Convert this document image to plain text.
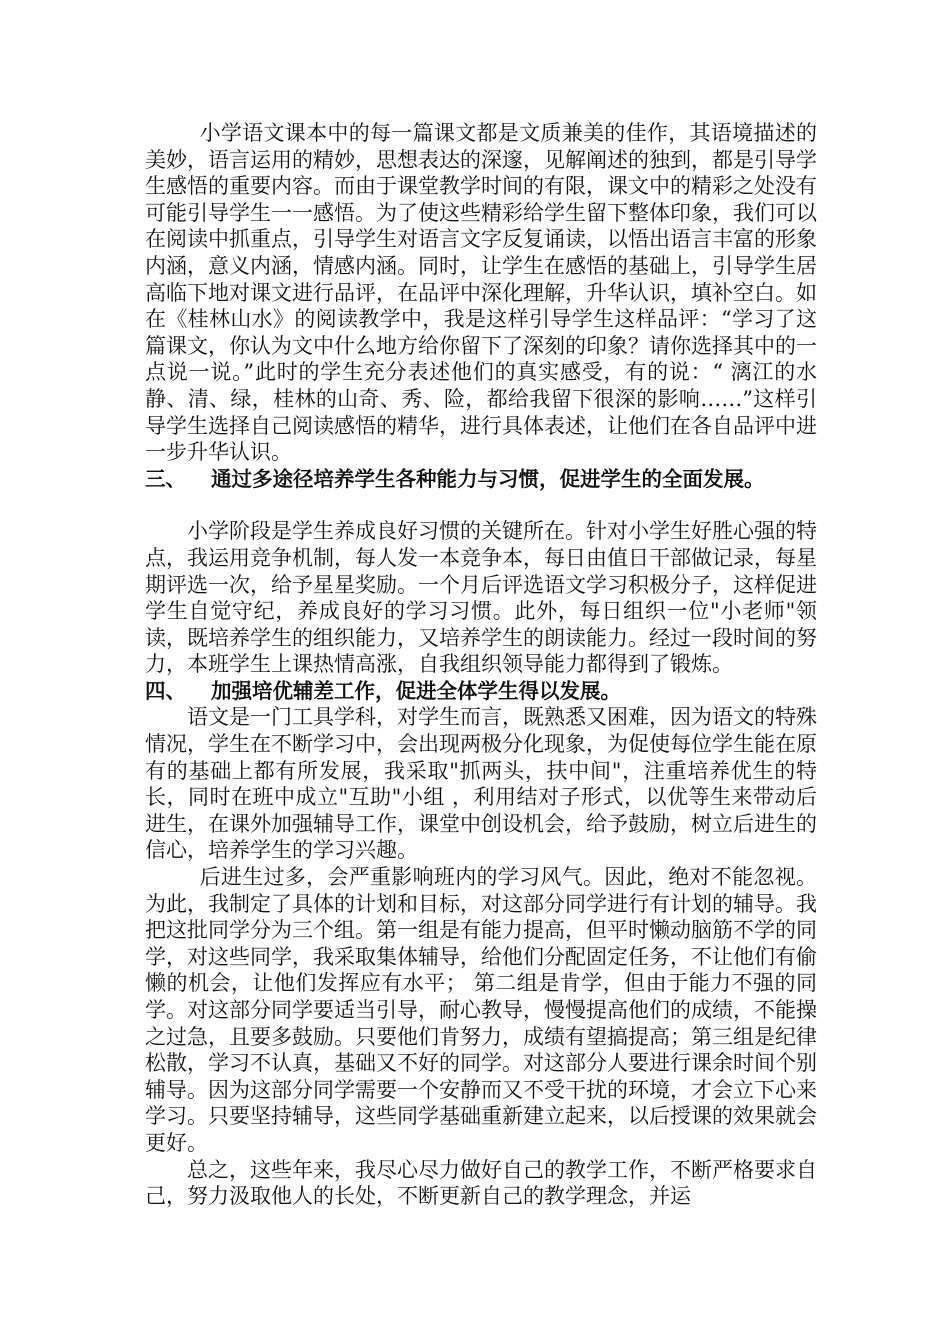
小学语文课本中的每一篇课文都是文质兼美的佳作，其语境描述的美妙，语言运用的精妙，思想表达的深邃，见解阐述的独到，都是引导学生感悟的重要内容。而由于课堂教学时间的有限，课文中的精彩之处没有可能引导学生一一感悟。为了使这些精彩给学生留下整体印象，我们可以在阅读中抓重点，引导学生对语言文字反复诵读，以悟出语言丰富的形象内涵，意义内涵，情感内涵。同时，让学生在感悟的基础上，引导学生居高临下地对课文进行品评，在品评中深化理解，升华认识，填补空白。如在《桂林山水》的阅读教学中，我是这样引导学生这样品评：“学习了这篇课文，你认为文中什么地方给你留下了深刻的印象？请你选择其中的一点说一说。”此时的学生充分表述他们的真实感受，有的说：“ 漓江的水静、清、绿，桂林的山奇、秀、险，都给我留下很深的影响……”这样引导学生选择自己阅读感悟的精华，进行具体表述，让他们在各自品评中进一步升华认识。

三、 通过多途径培养学生各种能力与习惯，促进学生的全面发展。

小学阶段是学生养成良好习惯的关键所在。针对小学生好胜心强的特点，我运用竞争机制，每人发一本竞争本，每日由值日干部做记录，每星期评选一次，给予星星奖励。一个月后评选语文学习积极分子，这样促进学生自觉守纪，养成良好的学习习惯。此外，每日组织一位"小老师"领读，既培养学生的组织能力，又培养学生的朗读能力。经过一段时间的努力，本班学生上课热情高涨，自我组织领导能力都得到了锻炼。

四、 加强培优辅差工作，促进全体学生得以发展。

语文是一门工具学科，对学生而言，既熟悉又困难，因为语文的特殊情况，学生在不断学习中，会出现两极分化现象，为促使每位学生能在原有的基础上都有所发展，我采取"抓两头，扶中间"，注重培养优生的特长，同时在班中成立"互助"小组 ，利用结对子形式，以优等生来带动后进生，在课外加强辅导工作，课堂中创设机会，给予鼓励，树立后进生的信心，培养学生的学习兴趣。

后进生过多，会严重影响班内的学习风气。因此，绝对不能忽视。为此，我制定了具体的计划和目标，对这部分同学进行有计划的辅导。我把这批同学分为三个组。第一组是有能力提高，但平时懒动脑筋不学的同学，对这些同学，我采取集体辅导，给他们分配固定任务，不让他们有偷懒的机会，让他们发挥应有水平； 第二组是肯学，但由于能力不强的同学。对这部分同学要适当引导，耐心教导，慢慢提高他们的成绩，不能操之过急，且要多鼓励。只要他们肯努力，成绩有望搞提高；第三组是纪律松散，学习不认真，基础又不好的同学。对这部分人要进行课余时间个别辅导。因为这部分同学需要一个安静而又不受干扰的环境，才会立下心来学习。只要坚持辅导，这些同学基础重新建立起来，以后授课的效果就会更好。

总之，这些年来，我尽心尽力做好自己的教学工作，不断严格要求自己，努力汲取他人的长处，不断更新自己的教学理念，并运
